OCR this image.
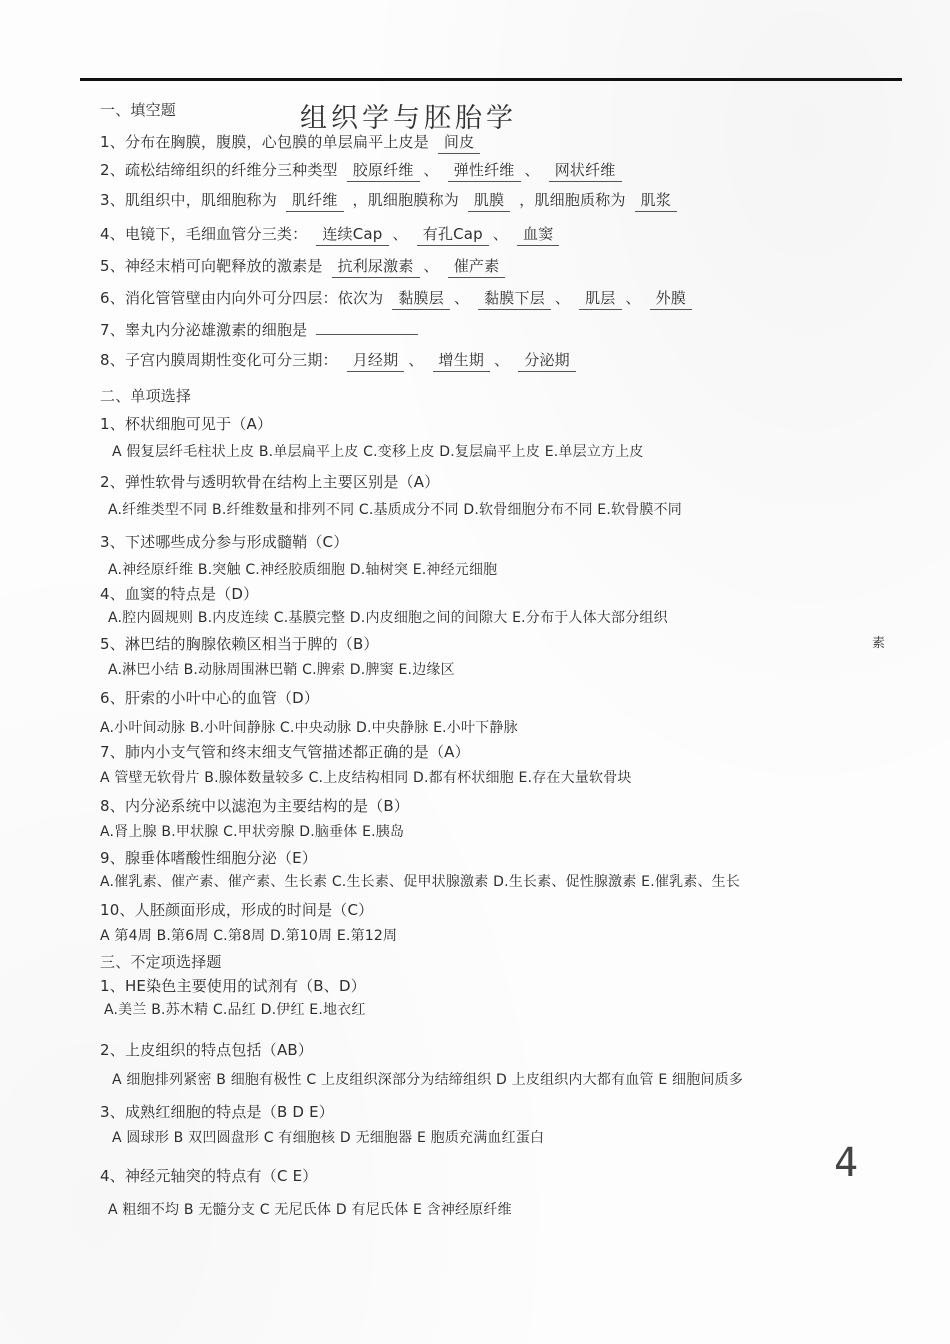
一、填空题	组织学与胚胎学
1、分布在胸膜，腹膜，心包膜的单层扁平上皮是 间皮
2、疏松结缔组织的纤维分三种类型 胶原纤维 、 弹性纤维 、 网状纤维
3、肌组织中，肌细胞称为 肌纤维 ，肌细胞膜称为 肌膜 ，肌细胞质称为 肌浆
4、电镜下，毛细血管分三类： 连续Cap 、 有孔Cap 、 血窦
5、神经末梢可向靶释放的激素是 抗利尿激素 、 催产素
6、消化管管壁由内向外可分四层：依次为 黏膜层 、 黏膜下层 、 肌层 、 外膜
7、睾丸内分泌雄激素的细胞是
8、子宫内膜周期性变化可分三期： 月经期 、 增生期 、 分泌期
二、单项选择
1、杯状细胞可见于（A）
A 假复层纤毛柱状上皮 B.单层扁平上皮 C.变移上皮 D.复层扁平上皮 E.单层立方上皮
2、弹性软骨与透明软骨在结构上主要区别是（A）
A.纤维类型不同 B.纤维数量和排列不同 C.基质成分不同 D.软骨细胞分布不同 E.软骨膜不同
3、下述哪些成分参与形成髓鞘（C）
A.神经原纤维 B.突触 C.神经胶质细胞 D.轴树突 E.神经元细胞
4、血窦的特点是（D）
A.腔内圆规则 B.内皮连续 C.基膜完整 D.内皮细胞之间的间隙大 E.分布于人体大部分组织
素
5、淋巴结的胸腺依赖区相当于脾的（B）
A.淋巴小结 B.动脉周围淋巴鞘 C.脾索 D.脾窦 E.边缘区
6、肝索的小叶中心的血管（D）
A.小叶间动脉 B.小叶间静脉 C.中央动脉 D.中央静脉 E.小叶下静脉
7、肺内小支气管和终末细支气管描述都正确的是（A）
A 管壁无软骨片 B.腺体数量较多 C.上皮结构相同 D.都有杯状细胞 E.存在大量软骨块
8、内分泌系统中以滤泡为主要结构的是（B）
A.肾上腺 B.甲状腺 C.甲状旁腺 D.脑垂体 E.胰岛
9、腺垂体嗜酸性细胞分泌（E）
A.催乳素、催产素、催产素、生长素 C.生长素、促甲状腺激素 D.生长素、促性腺激素 E.催乳素、生长
10、人胚颜面形成，形成的时间是（C）
A 第4周 B.第6周 C.第8周 D.第10周 E.第12周
三、不定项选择题
1、HE染色主要使用的试剂有（B、D）
A.美兰 B.苏木精 C.品红 D.伊红 E.地衣红
2、上皮组织的特点包括（AB）
A 细胞排列紧密 B 细胞有极性 C 上皮组织深部分为结缔组织 D 上皮组织内大都有血管 E 细胞间质多
3、成熟红细胞的特点是（B D E）
A 圆球形 B 双凹圆盘形 C 有细胞核 D 无细胞器 E 胞质充满血红蛋白
4、神经元轴突的特点有（C E）
A 粗细不均 B 无髓分支 C 无尼氏体 D 有尼氏体 E 含神经原纤维
4
